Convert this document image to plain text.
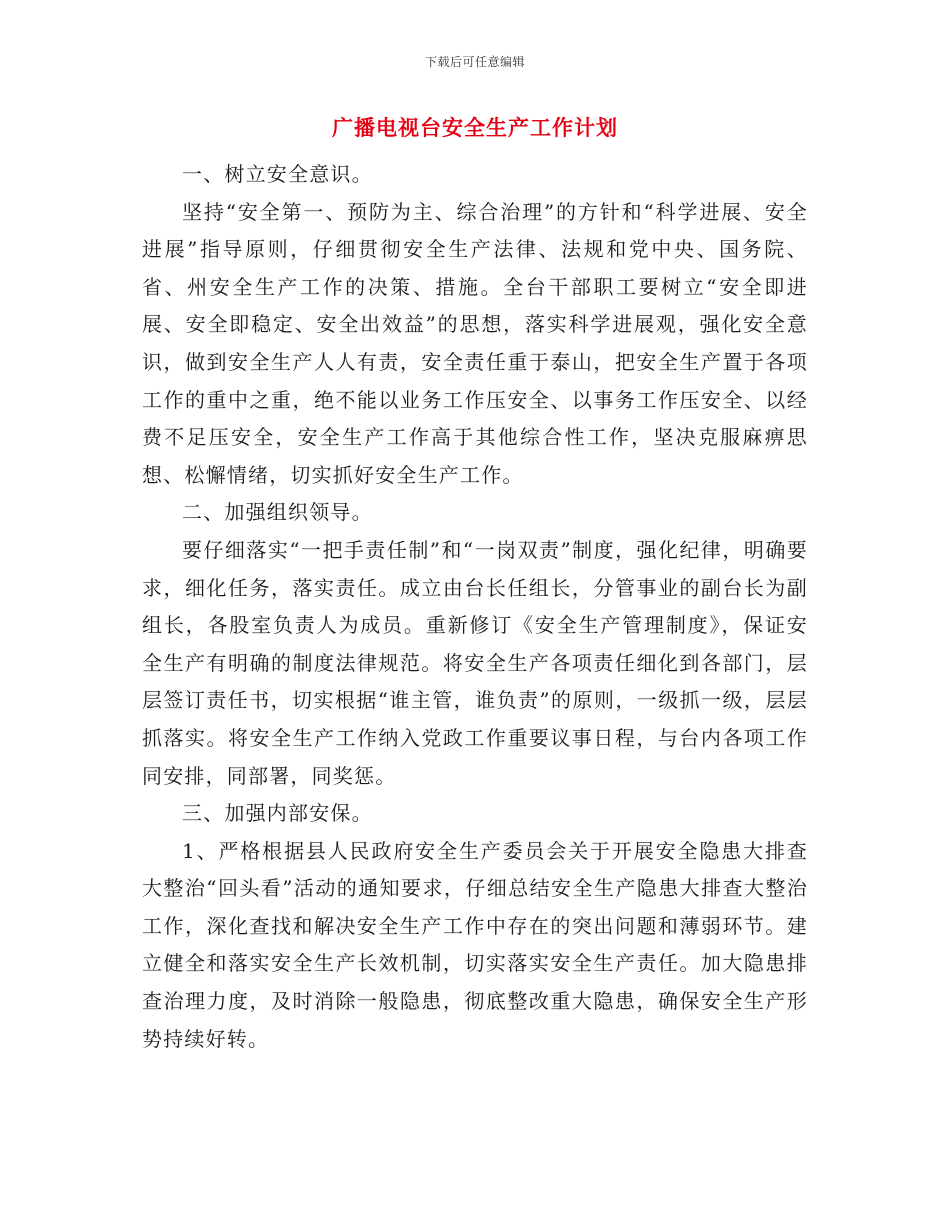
下载后可任意编辑
广播电视台安全生产工作计划

一、树立安全意识。

坚持“安全第一、预防为主、综合治理”的方针和“科学进展、安全进展”指导原则，仔细贯彻安全生产法律、法规和党中央、国务院、省、州安全生产工作的决策、措施。全台干部职工要树立“安全即进展、安全即稳定、安全出效益”的思想，落实科学进展观，强化安全意识，做到安全生产人人有责，安全责任重于泰山，把安全生产置于各项工作的重中之重，绝不能以业务工作压安全、以事务工作压安全、以经费不足压安全，安全生产工作高于其他综合性工作，坚决克服麻痹思想、松懈情绪，切实抓好安全生产工作。

二、加强组织领导。

要仔细落实“一把手责任制”和“一岗双责”制度，强化纪律，明确要求，细化任务，落实责任。成立由台长任组长，分管事业的副台长为副组长，各股室负责人为成员。重新修订《安全生产管理制度》，保证安全生产有明确的制度法律规范。将安全生产各项责任细化到各部门，层层签订责任书，切实根据“谁主管，谁负责”的原则，一级抓一级，层层抓落实。将安全生产工作纳入党政工作重要议事日程，与台内各项工作同安排，同部署，同奖惩。

三、加强内部安保。

1、严格根据县人民政府安全生产委员会关于开展安全隐患大排查大整治“回头看”活动的通知要求，仔细总结安全生产隐患大排查大整治工作，深化查找和解决安全生产工作中存在的突出问题和薄弱环节。建立健全和落实安全生产长效机制，切实落实安全生产责任。加大隐患排查治理力度，及时消除一般隐患，彻底整改重大隐患，确保安全生产形势持续好转。
